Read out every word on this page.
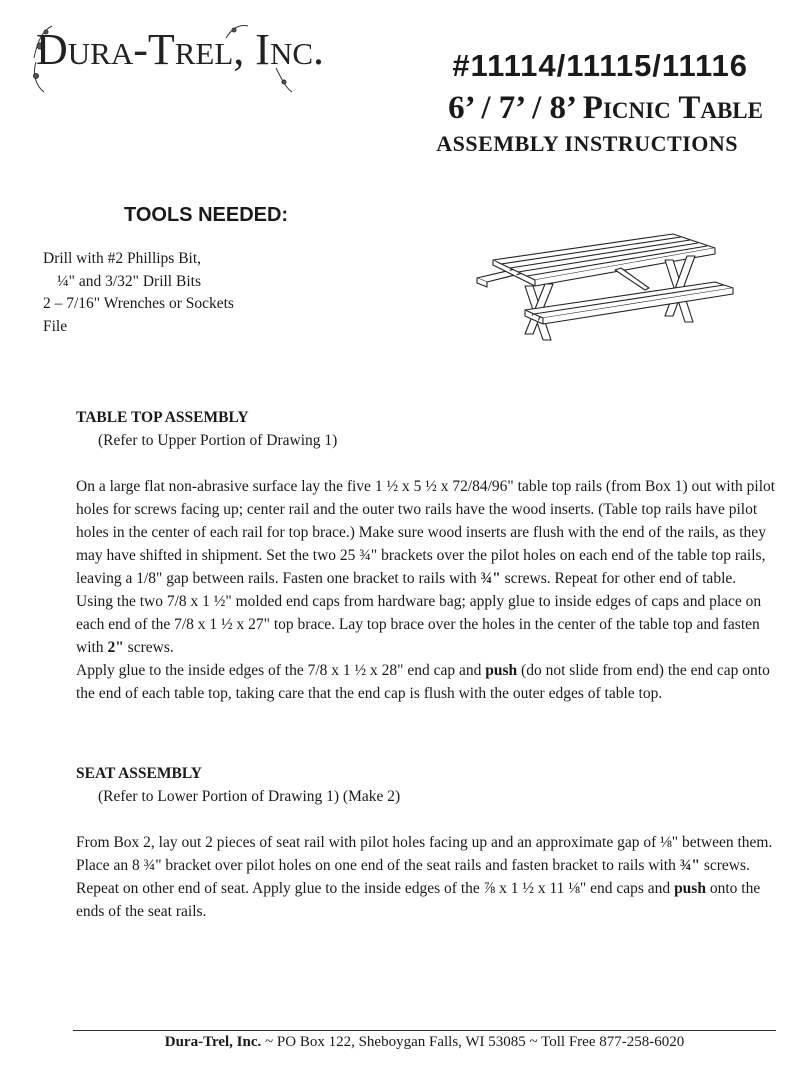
Dura-Trel, Inc.	#11114/11115/11116
6’ / 7’ / 8’ Picnic Table
ASSEMBLY INSTRUCTIONS
TOOLS NEEDED:
Drill with #2 Phillips Bit,
¼" and 3/32" Drill Bits
2 – 7/16" Wrenches or Sockets
File
TABLE TOP ASSEMBLY
(Refer to Upper Portion of Drawing 1)

On a large flat non-abrasive surface lay the five 1 ½ x 5 ½ x 72/84/96" table top rails (from Box 1) out with pilot holes for screws facing up; center rail and the outer two rails have the wood inserts. (Table top rails have pilot holes in the center of each rail for top brace.) Make sure wood inserts are flush with the end of the rails, as they may have shifted in shipment. Set the two 25 ¾" brackets over the pilot holes on each end of the table top rails, leaving a 1/8" gap between rails. Fasten one bracket to rails with ¾" screws. Repeat for other end of table.

Using the two 7/8 x 1 ½" molded end caps from hardware bag; apply glue to inside edges of caps and place on each end of the 7/8 x 1 ½ x 27" top brace. Lay top brace over the holes in the center of the table top and fasten with 2" screws.

Apply glue to the inside edges of the 7/8 x 1 ½ x 28" end cap and push (do not slide from end) the end cap onto the end of each table top, taking care that the end cap is flush with the outer edges of table top.

SEAT ASSEMBLY
(Refer to Lower Portion of Drawing 1) (Make 2)

From Box 2, lay out 2 pieces of seat rail with pilot holes facing up and an approximate gap of ⅛" between them. Place an 8 ¾" bracket over pilot holes on one end of the seat rails and fasten bracket to rails with ¾" screws. Repeat on other end of seat. Apply glue to the inside edges of the ⅞ x 1 ½ x 11 ⅛" end caps and push onto the ends of the seat rails.

Dura-Trel, Inc. ~ PO Box 122, Sheboygan Falls, WI 53085 ~ Toll Free 877-258-6020
